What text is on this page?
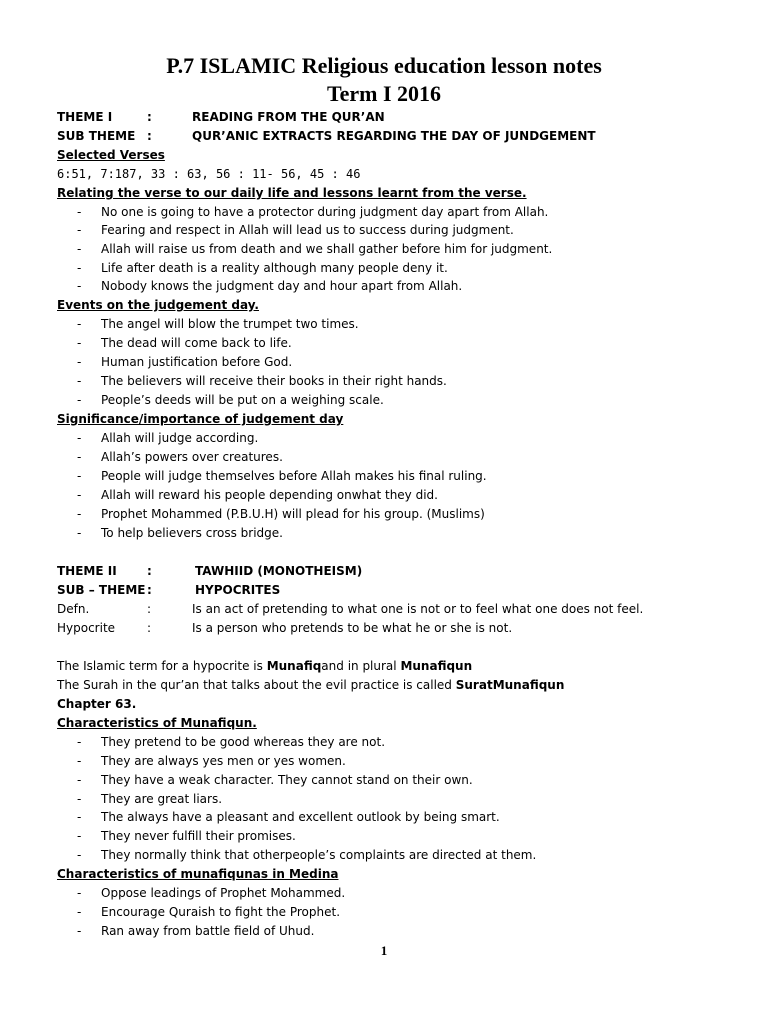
P.7 ISLAMIC Religious education lesson notes
Term I 2016
THEME I	:	READING FROM THE QUR’AN
SUB THEME :	QUR’ANIC EXTRACTS REGARDING THE DAY OF JUNDGEMENT
Selected Verses
6:51, 7:187, 33 : 63, 56 : 11- 56, 45 : 46
Relating the verse to our daily life and lessons learnt from the verse.
- No one is going to have a protector during judgment day apart from Allah.
- Fearing and respect in Allah will lead us to success during judgment.
- Allah will raise us from death and we shall gather before him for judgment.
- Life after death is a reality although many people deny it.
- Nobody knows the judgment day and hour apart from Allah.
Events on the judgement day.
- The angel will blow the trumpet two times.
- The dead will come back to life.
- Human justification before God.
- The believers will receive their books in their right hands.
- People’s deeds will be put on a weighing scale.
Significance/importance of judgement day
- Allah will judge according.
- Allah’s powers over creatures.
- People will judge themselves before Allah makes his final ruling.
- Allah will reward his people depending onwhat they did.
- Prophet Mohammed (P.B.U.H) will plead for his group. (Muslims)
- To help believers cross bridge.
THEME II	:	TAWHIID (MONOTHEISM)
SUB – THEME :	HYPOCRITES
Defn.	:	Is an act of pretending to what one is not or to feel what one does not feel.
Hypocrite	:	Is a person who pretends to be what he or she is not.
The Islamic term for a hypocrite is Munafiqand in plural Munafiqun
The Surah in the qur’an that talks about the evil practice is called SuratMunafiqun
Chapter 63.
Characteristics of Munafiqun.
- They pretend to be good whereas they are not.
- They are always yes men or yes women.
- They have a weak character. They cannot stand on their own.
- They are great liars.
- The always have a pleasant and excellent outlook by being smart.
- They never fulfill their promises.
- They normally think that otherpeople’s complaints are directed at them.
Characteristics of munafiqunas in Medina
- Oppose leadings of Prophet Mohammed.
- Encourage Quraish to fight the Prophet.
- Ran away from battle field of Uhud.
1
